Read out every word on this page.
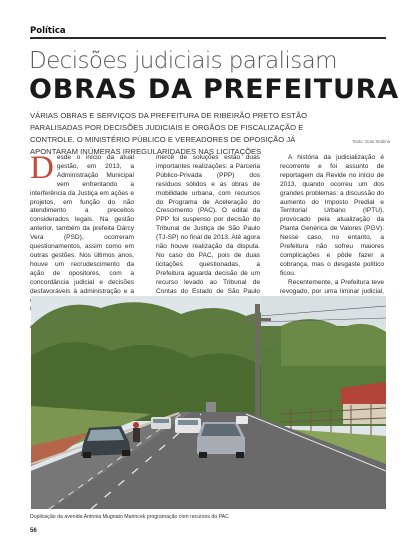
Política
Decisões judiciais paralisam
OBRAS DA PREFEITURA
VÁRIAS OBRAS E SERVIÇOS DA PREFEITURA DE RIBEIRÃO PRETO ESTÃO PARALISADAS POR DECISÕES JUDICIAIS E ÓRGÃOS DE FISCALIZAÇÃO E CONTROLE. O MINISTÉRIO PÚBLICO E VEREADORES DE OPOSIÇÃO JÁ APONTARAM INÚMERAS IRREGULARIDADES NAS LICITAÇÕES
Texto: Guto Stralina
D esde o início da atual gestão, em 2013, a Administração Municipal vem enfrentando a interferência da Justiça em ações e projetos, em função do não atendimento a preceitos considerados legais. Na gestão anterior, também da prefeita Dárcy Vera (PSD), ocorreram questionamentos, assim como em outras gestões. Nos últimos anos, houve um recrudescimento da ação de opositores, com a concordância judicial e decisões desfavoráveis à administração e a

mercê de soluções estão duas importantes realizações: a Parceria Público-Privada (PPP) dos resíduos sólidos e as obras de mobilidade urbana, com recursos do Programa de Aceleração do Crescimento (PAC). O edital da PPP foi suspenso por decisão do Tribunal de Justiça de São Paulo (TJ-SP) no final de 2013. Até agora não houve realização da disputa. No caso do PAC, pois de duas licitações questionadas, a Prefeitura aguarda decisão de um recurso levado ao Tribunal de Contas do Estado de São Paulo

A história da judicialização é recorrente e foi assunto de reportagem da Revide no início de 2013, quando ocorreu um dos grandes problemas: a discussão do aumento do Imposto Predial e Territorial Urbano (IPTU), provocado pela atualização da Planta Genérica de Valores (PGV). Nesse caso, no entanto, a Prefeitura não sofreu maiores complicações e pôde fazer a cobrança, mas o desgaste político ficou.

Recentemente, a Prefeitura teve revogado, por uma liminar judicial,

Duplicação da avenida Antonia Mugnato Marincek programação com recursos do PAC
56
